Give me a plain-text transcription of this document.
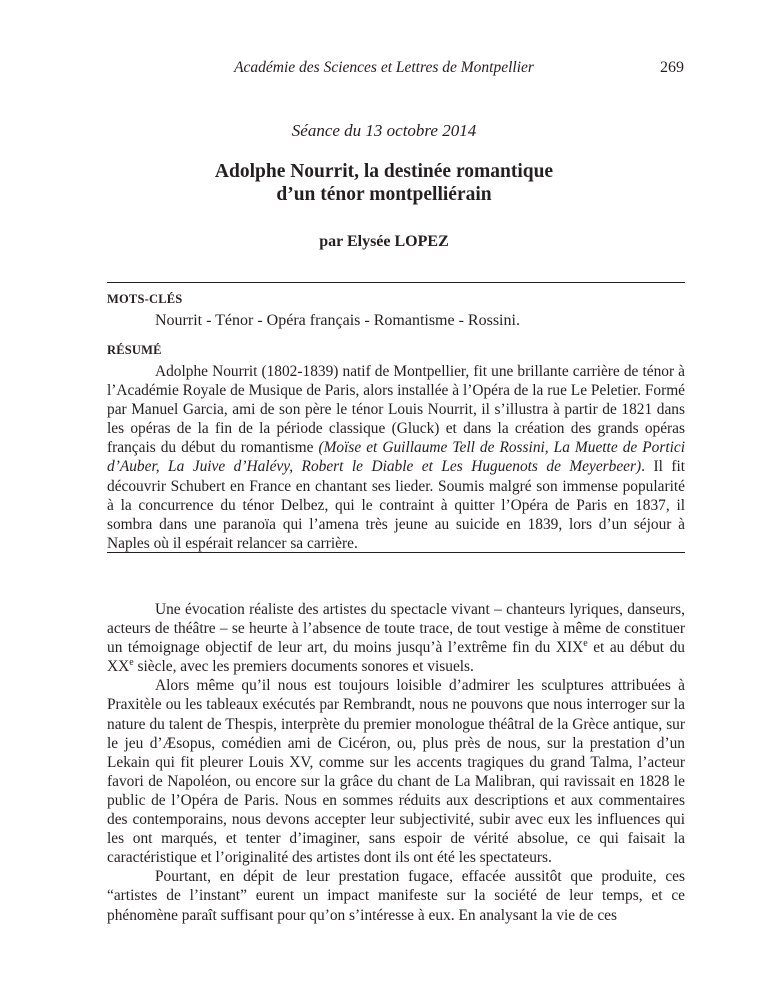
Académie des Sciences et Lettres de Montpellier	269
Séance du 13 octobre 2014
Adolphe Nourrit, la destinée romantique
d’un ténor montpelliérain
par Elysée LOPEZ
MOTS-CLÉS
Nourrit - Ténor - Opéra français - Romantisme - Rossini.
RÉSUMÉ

Adolphe Nourrit (1802-1839) natif de Montpellier, fit une brillante carrière de ténor à l’Académie Royale de Musique de Paris, alors installée à l’Opéra de la rue Le Peletier. Formé par Manuel Garcia, ami de son père le ténor Louis Nourrit, il s’illustra à partir de 1821 dans les opéras de la fin de la période classique (Gluck) et dans la création des grands opéras français du début du romantisme (Moïse et Guillaume Tell de Rossini, La Muette de Portici d’Auber, La Juive d’Halévy, Robert le Diable et Les Huguenots de Meyerbeer). Il fit découvrir Schubert en France en chantant ses lieder. Soumis malgré son immense popularité à la concurrence du ténor Delbez, qui le contraint à quitter l’Opéra de Paris en 1837, il sombra dans une paranoïa qui l’amena très jeune au suicide en 1839, lors d’un séjour à Naples où il espérait relancer sa carrière.

Une évocation réaliste des artistes du spectacle vivant – chanteurs lyriques, danseurs, acteurs de théâtre – se heurte à l’absence de toute trace, de tout vestige à même de constituer un témoignage objectif de leur art, du moins jusqu’à l’extrême fin du XIXe et au début du XXe siècle, avec les premiers documents sonores et visuels.

Alors même qu’il nous est toujours loisible d’admirer les sculptures attribuées à Praxitèle ou les tableaux exécutés par Rembrandt, nous ne pouvons que nous interroger sur la nature du talent de Thespis, interprète du premier monologue théâtral de la Grèce antique, sur le jeu d’Æsopus, comédien ami de Cicéron, ou, plus près de nous, sur la prestation d’un Lekain qui fit pleurer Louis XV, comme sur les accents tragiques du grand Talma, l’acteur favori de Napoléon, ou encore sur la grâce du chant de La Malibran, qui ravissait en 1828 le public de l’Opéra de Paris. Nous en sommes réduits aux descriptions et aux commentaires des contemporains, nous devons accepter leur subjectivité, subir avec eux les influences qui les ont marqués, et tenter d’imaginer, sans espoir de vérité absolue, ce qui faisait la caractéristique et l’originalité des artistes dont ils ont été les spectateurs.

Pourtant, en dépit de leur prestation fugace, effacée aussitôt que produite, ces “artistes de l’instant” eurent un impact manifeste sur la société de leur temps, et ce phénomène paraît suffisant pour qu’on s’intéresse à eux. En analysant la vie de ces
